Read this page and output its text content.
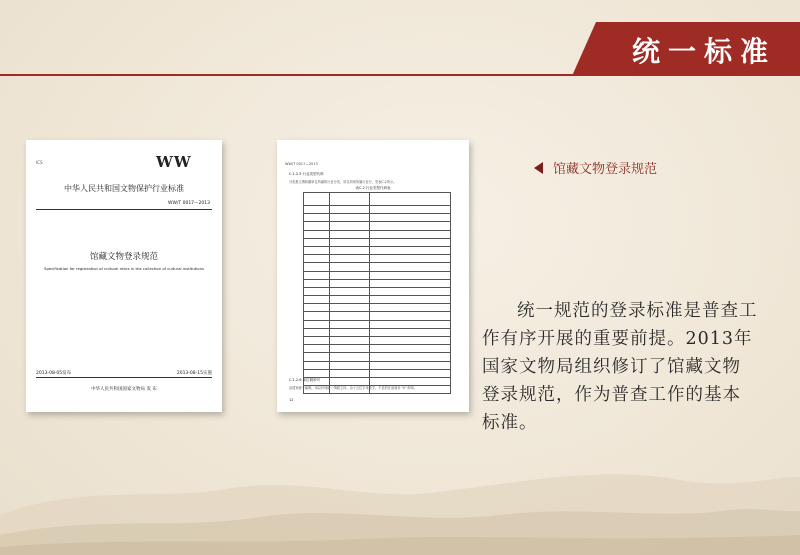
统一标准
ICS	WW
中华人民共和国文物保护行业标准
WW/T 0017—2013
馆藏文物登录规范
Specification for registration of cultural relics in the collection of cultural institutions
2013-08-05发布	2013-08-15实施
中华人民共和国国家文物局 发 布
WW/T 0017—2013
C.1.2.5 行业类型代码
分类推文博收藏单位所属的行业分类，用以判别所属行业分，见表C.2所示。
表C.2 行业类型代码表

C.1.2.6 单位税种号
由国家统一编制，用以识别统一纳税主体，由十五位字母数字，不足的在前面补 "0" 即单。
12
馆藏文物登录规范
统一规范的登录标准是普查工作有序开展的重要前提。2013年国家文物局组织修订了馆藏文物登录规范，作为普查工作的基本标准。
